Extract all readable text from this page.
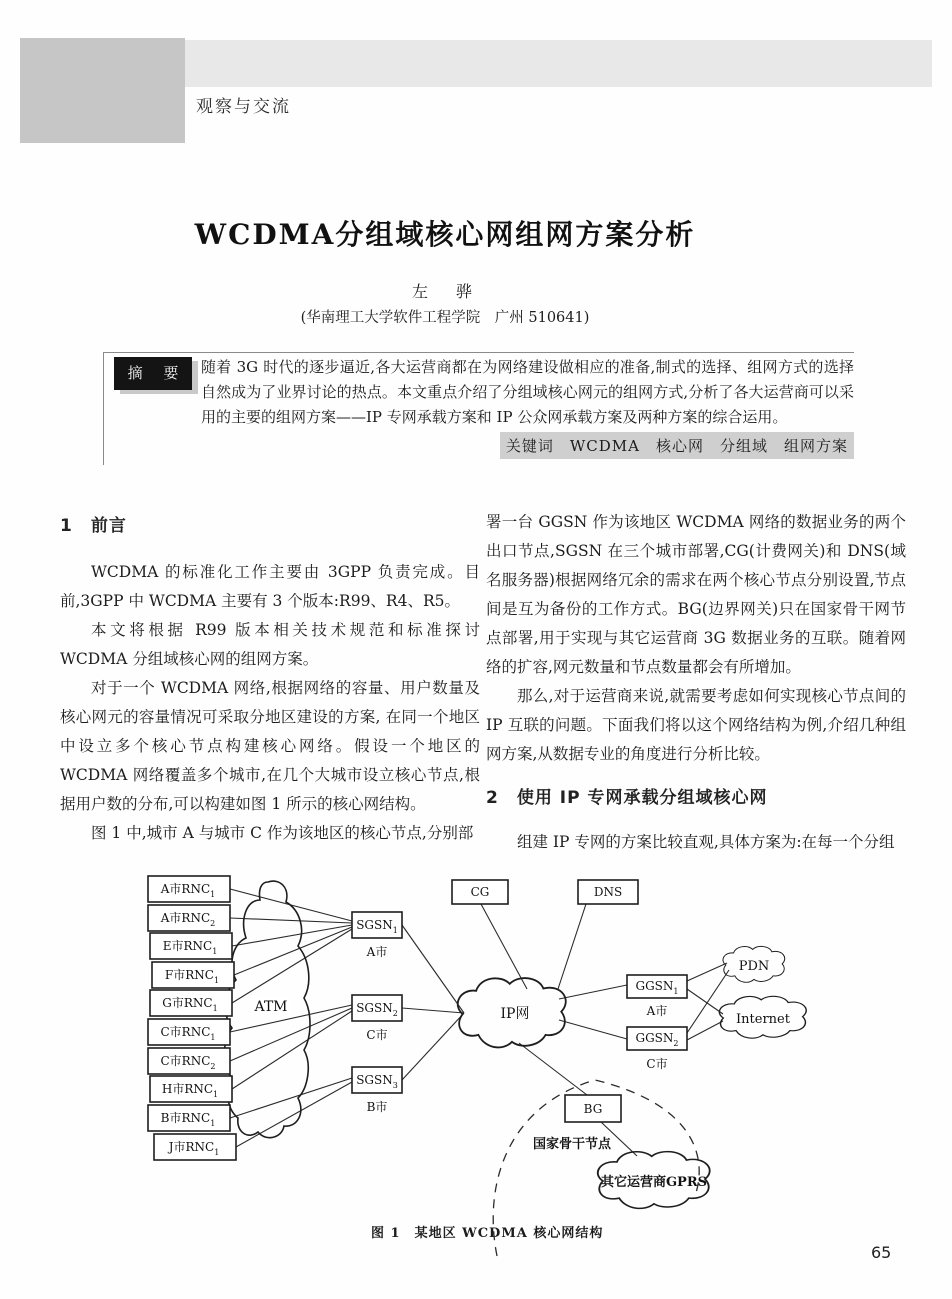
观察与交流
WCDMA分组域核心网组网方案分析
左　骅
(华南理工大学软件工程学院　广州 510641)
摘 要 随着 3G 时代的逐步逼近,各大运营商都在为网络建设做相应的准备,制式的选择、组网方式的选择自然成为了业界讨论的热点。本文重点介绍了分组域核心网元的组网方式,分析了各大运营商可以采用的主要的组网方案——IP 专网承载方案和 IP 公众网承载方案及两种方案的综合运用。
关键词　WCDMA　核心网　分组域　组网方案
1　前言

WCDMA 的标准化工作主要由 3GPP 负责完成。目前,3GPP 中 WCDMA 主要有 3 个版本:R99、R4、R5。

本文将根据 R99 版本相关技术规范和标准探讨 WCDMA 分组域核心网的组网方案。

对于一个 WCDMA 网络,根据网络的容量、用户数量及核心网元的容量情况可采取分地区建设的方案, 在同一个地区中设立多个核心节点构建核心网络。假设一个地区的 WCDMA 网络覆盖多个城市,在几个大城市设立核心节点,根据用户数的分布,可以构建如图 1 所示的核心网结构。

图 1 中,城市 A 与城市 C 作为该地区的核心节点,分别部

署一台 GGSN 作为该地区 WCDMA 网络的数据业务的两个出口节点,SGSN 在三个城市部署,CG(计费网关)和 DNS(域名服务器)根据网络冗余的需求在两个核心节点分别设置,节点间是互为备份的工作方式。BG(边界网关)只在国家骨干网节点部署,用于实现与其它运营商 3G 数据业务的互联。随着网络的扩容,网元数量和节点数量都会有所增加。

那么,对于运营商来说,就需要考虑如何实现核心节点间的 IP 互联的问题。下面我们将以这个网络结构为例,介绍几种组网方案,从数据专业的角度进行分析比较。

2　使用 IP 专网承载分组域核心网

组建 IP 专网的方案比较直观,具体方案为:在每一个分组

ATM	IP网
PDN
Internet
其它运营商GPRS
国家骨干节点
A市$RNC_1$
A市$RNC_2$
E市$RNC_1$
F市$RNC_1$
G市$RNC_1$
C市$RNC_1$
C市$RNC_2$
H市$RNC_1$
B市$RNC_1$
J市$RNC_1$
$SGSN_1$
A市
$SGSN_2$
C市
$SGSN_3$
B市
CG	DNS
BG
$GGSN_1$
A市
$GGSN_2$
C市
图 1　某地区 WCDMA 核心网结构
65
